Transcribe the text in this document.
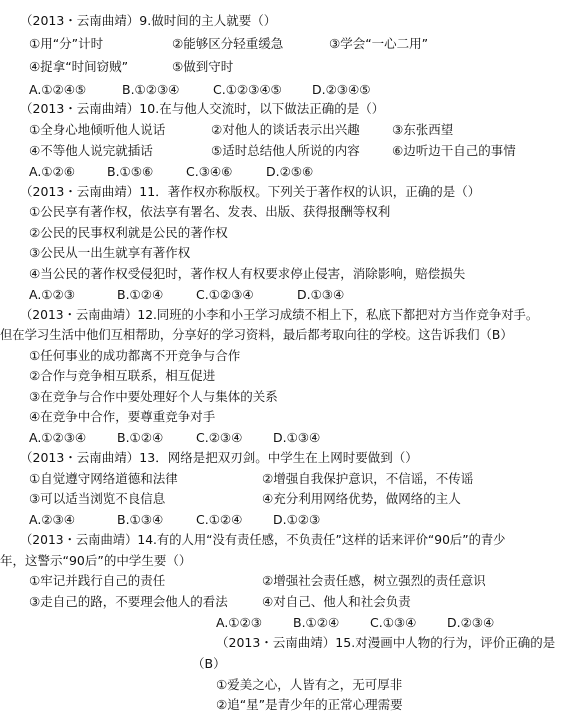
（2013・云南曲靖）9.做时间的主人就要（）
①用“分”计时	②能够区分轻重缓急	③学会“一心二用”
④捉拿“时间窃贼”	⑤做到守时
A.①②④⑤	B.①②③④	C.①②③④⑤ D.②③④⑤
（2013・云南曲靖）10.在与他人交流时，以下做法正确的是（）
①全身心地倾听他人说话	②对他人的谈话表示出兴趣	③东张西望
④不等他人说完就插话	⑤适时总结他人所说的内容	⑥边听边干自己的事情
A.①②⑥	B.①⑤⑥	C.③④⑥	D.②⑤⑥
（2013・云南曲靖）11．著作权亦称版权。下列关于著作权的认识，正确的是（）
①公民享有著作权，依法享有署名、发表、出版、获得报酬等权利
②公民的民事权利就是公民的著作权
③公民从一出生就享有著作权
④当公民的著作权受侵犯时，著作权人有权要求停止侵害，消除影响，赔偿损失
A.①②③	B.①②④	C.①②③④	D.①③④
（2013・云南曲靖）12.同班的小李和小王学习成绩不相上下，私底下都把对方当作竞争对手。
但在学习生活中他们互相帮助，分享好的学习资料，最后都考取向往的学校。这告诉我们（B）
①任何事业的成功都离不开竞争与合作
②合作与竞争相互联系，相互促进
③在竞争与合作中要处理好个人与集体的关系
④在竞争中合作，要尊重竞争对手
A.①②③④ B.①②④	C.②③④ D.①③④
（2013・云南曲靖）13．网络是把双刃剑。中学生在上网时要做到（）
①自觉遵守网络道德和法律	②增强自我保护意识，不信谣，不传谣
③可以适当浏览不良信息	④充分利用网络优势，做网络的主人
A.②③④	B.①③④	C.①②④ D.①②③
（2013・云南曲靖）14.有的人用“没有责任感，不负责任”这样的话来评价“90后”的青少
年，这警示“90后”的中学生要（）
①牢记并践行自己的责任	②增强社会责任感，树立强烈的责任意识
③走自己的路，不要理会他人的看法	④对自己、他人和社会负责
A.①②③ B.①②④ C.①③④ D.②③④
（2013・云南曲靖）15.对漫画中人物的行为，评价正确的是
（B）
①爱美之心，人皆有之，无可厚非
②追“星”是青少年的正常心理需要
